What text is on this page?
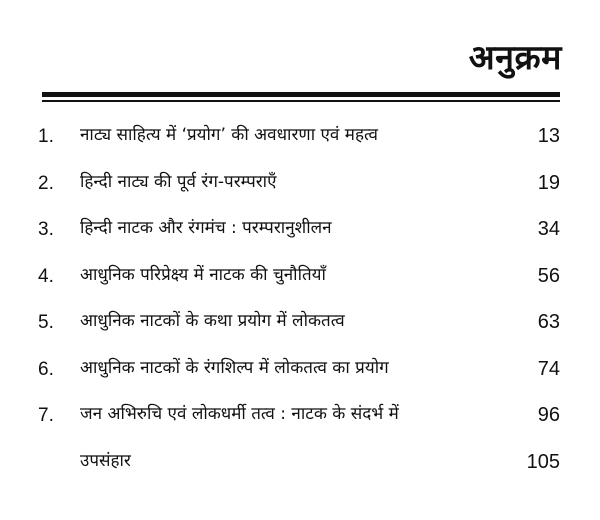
अनुक्रम
1. नाट्य साहित्य में ‘प्रयोग’ की अवधारणा एवं महत्व	13
2. हिन्दी नाट्य की पूर्व रंग-परम्पराएँ	19
3. हिन्दी नाटक और रंगमंच : परम्परानुशीलन	34
4. आधुनिक परिप्रेक्ष्य में नाटक की चुनौतियाँ	56
5. आधुनिक नाटकों के कथा प्रयोग में लोकतत्व	63
6. आधुनिक नाटकों के रंगशिल्प में लोकतत्व का प्रयोग	74
7. जन अभिरुचि एवं लोकधर्मी तत्व : नाटक के संदर्भ में	96
उपसंहार	105
